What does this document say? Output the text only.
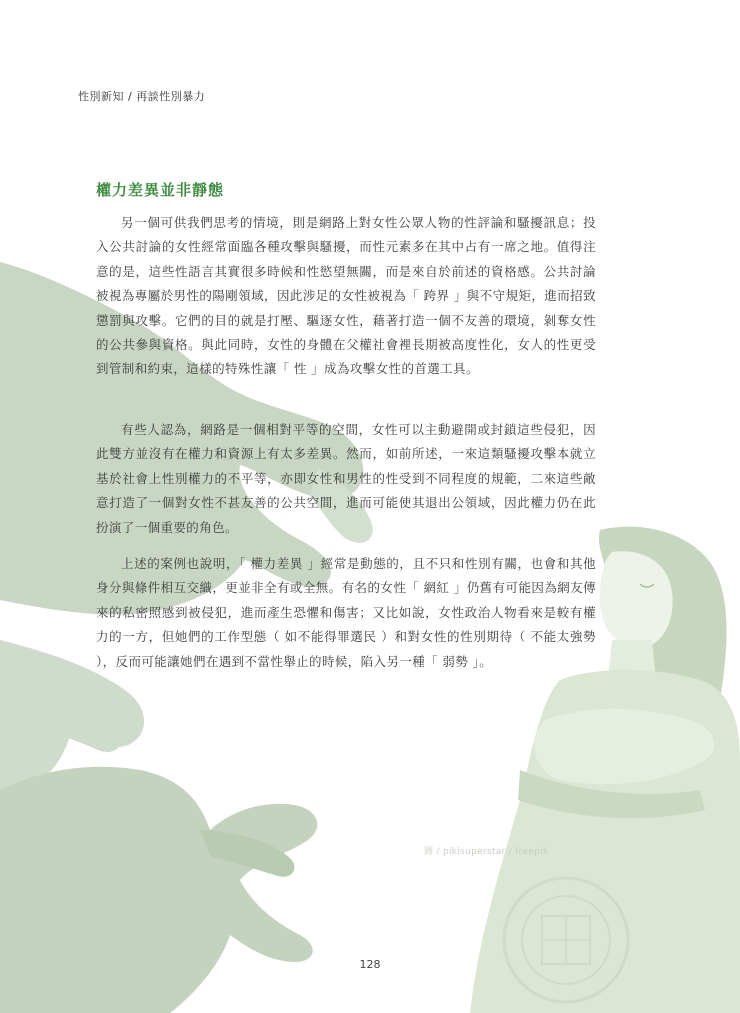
性別新知 / 再談性別暴力
權力差異並非靜態

另一個可供我們思考的情境，則是網路上對女性公眾人物的性評論和騷擾訊息；投入公共討論的女性經常面臨各種攻擊與騷擾，而性元素多在其中占有一席之地。值得注意的是，這些性語言其實很多時候和性慾望無關，而是來自於前述的資格感。公共討論被視為專屬於男性的陽剛領域，因此涉足的女性被視為「 跨界 」與不守規矩，進而招致懲罰與攻擊。它們的目的就是打壓、驅逐女性，藉著打造一個不友善的環境，剝奪女性的公共參與資格。與此同時，女性的身體在父權社會裡長期被高度性化，女人的性更受到管制和約束，這樣的特殊性讓「 性 」成為攻擊女性的首選工具。

有些人認為，網路是一個相對平等的空間，女性可以主動避開或封鎖這些侵犯，因此雙方並沒有在權力和資源上有太多差異。然而，如前所述，一來這類騷擾攻擊本就立基於社會上性別權力的不平等，亦即女性和男性的性受到不同程度的規範，二來這些敵意打造了一個對女性不甚友善的公共空間，進而可能使其退出公領域，因此權力仍在此扮演了一個重要的角色。

上述的案例也說明，「 權力差異 」經常是動態的，且不只和性別有關，也會和其他身分與條件相互交織，更並非全有或全無。有名的女性「 網紅 」仍舊有可能因為網友傳來的私密照感到被侵犯，進而產生恐懼和傷害；又比如說，女性政治人物看來是較有權力的一方，但她們的工作型態（ 如不能得罪選民 ）和對女性的性別期待（ 不能太強勢 ），反而可能讓她們在遇到不當性舉止的時候，陷入另一種「 弱勢 」。

圖 / pikisuperstar / freepik
128
